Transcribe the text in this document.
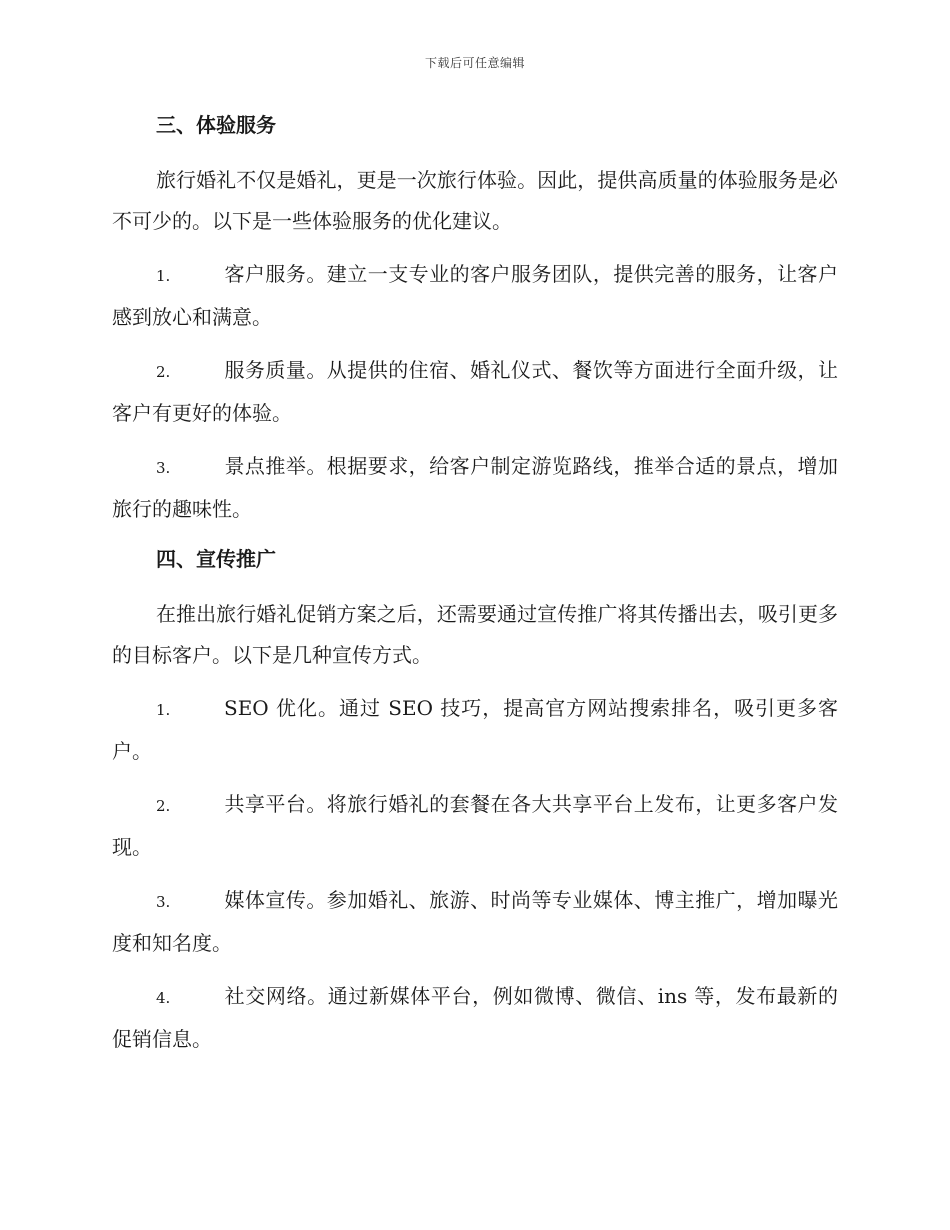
下载后可任意编辑
三、体验服务

旅行婚礼不仅是婚礼，更是一次旅行体验。因此，提供高质量的体验服务是必不可少的。以下是一些体验服务的优化建议。

1.	客户服务。建立一支专业的客户服务团队，提供完善的服务，让客户感到放心和满意。

2.	服务质量。从提供的住宿、婚礼仪式、餐饮等方面进行全面升级，让客户有更好的体验。

3.	景点推举。根据要求，给客户制定游览路线，推举合适的景点，增加旅行的趣味性。

四、宣传推广

在推出旅行婚礼促销方案之后，还需要通过宣传推广将其传播出去，吸引更多的目标客户。以下是几种宣传方式。

1.	SEO 优化。通过 SEO 技巧，提高官方网站搜索排名，吸引更多客户。

2.	共享平台。将旅行婚礼的套餐在各大共享平台上发布，让更多客户发现。

3.	媒体宣传。参加婚礼、旅游、时尚等专业媒体、博主推广，增加曝光度和知名度。

4.	社交网络。通过新媒体平台，例如微博、微信、ins 等，发布最新的促销信息。
